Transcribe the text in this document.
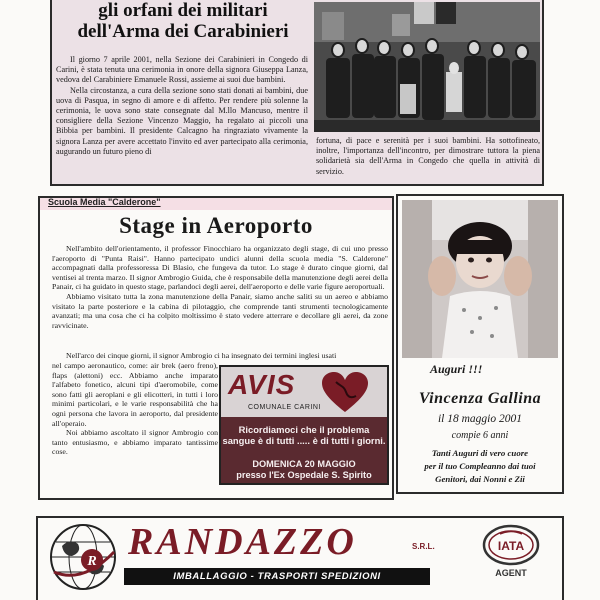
gli orfani dei militari
dell'Arma dei Carabinieri

Il giorno 7 aprile 2001, nella Sezione dei Carabinieri in Congedo di Carini, è stata tenuta una cerimonia in onore della signora Giuseppa Lanza, vedova del Carabiniere Emanuele Rossi, assieme ai suoi due bambini.

Nella circostanza, a cura della sezione sono stati donati ai bambini, due uova di Pasqua, in segno di amore e di affetto. Per rendere più solenne la cerimonia, le uova sono state consegnate dal M.llo Mancuso, mentre il consigliere della Sezione Vincenzo Maggio, ha regalato ai piccoli una Bibbia per bambini. Il presidente Calcagno ha ringraziato vivamente la signora Lanza per avere accettato l'invito ed aver partecipato alla cerimonia, augurando un futuro pieno di

fortuna, di pace e serenità per i suoi bambini. Ha sottofineato, inoltre, l'importanza dell'incontro, per dimostrare tuttora la piena solidarietà sia dell'Arma in Congedo che quella in attività di servizio.
Scuola Media "Calderone"
Stage in Aeroporto

Nell'ambito dell'orientamento, il professor Finocchiaro ha organizzato degli stage, di cui uno presso l'aeroporto di "Punta Raisi". Hanno partecipato undici alunni della scuola media "S. Calderone" accompagnati dalla professoressa Di Blasio, che fungeva da tutor. Lo stage è durato cinque giorni, dal ventisei al trenta marzo. Il signor Ambrogio Guida, che è responsabile della manutenzione degli aerei della Panair, ci ha guidato in questo stage, parlandoci degli aerei, dell'aeroporto e delle varie figure aeroportuali.

Abbiamo visitato tutta la zona manutenzione della Panair, siamo anche saliti su un aereo e abbiamo visitato la parte posteriore e la cabina di pilotaggio, che comprende tanti strumenti tecnologicamente avanzati; ma una cosa che ci ha colpito moltissimo è stato vedere atterrare e decollare gli aerei, da zone ravvicinate.

Nell'arco dei cinque giorni, il signor Ambrogio ci ha insegnato dei termini inglesi usati
nel campo aeronautico, come: air brek (aero freno), flaps (alettoni) ecc. Abbiamo anche imparato l'alfabeto fonetico, alcuni tipi d'aeromobile, come sono fatti gli aeroplani e gli elicotteri, in tutti i loro minimi particolari, e le varie responsabilità che ha ogni persona che lavora in aeroporto, dal presidente all'operaio.
Noi abbiamo ascoltato il signor Ambrogio con tanto entusiasmo, e abbiamo imparato tantissime cose.
AVIS
COMUNALE CARINI
Ricordiamoci che il problema sangue è di tutti ..... è di tutti i giorni.
DOMENICA 20 MAGGIO
presso l'Ex Ospedale S. Spirito
Auguri !!!
Vincenza Gallina
il 18 maggio 2001
compie 6 anni
Tanti Auguri di vero cuore
per il tuo Compleanno dai tuoi
Genitori, dai Nonni e Zii
R RANDAZZO	S.R.L.
IMBALLAGGIO - TRASPORTI SPEDIZIONI
IATA
AGENT
